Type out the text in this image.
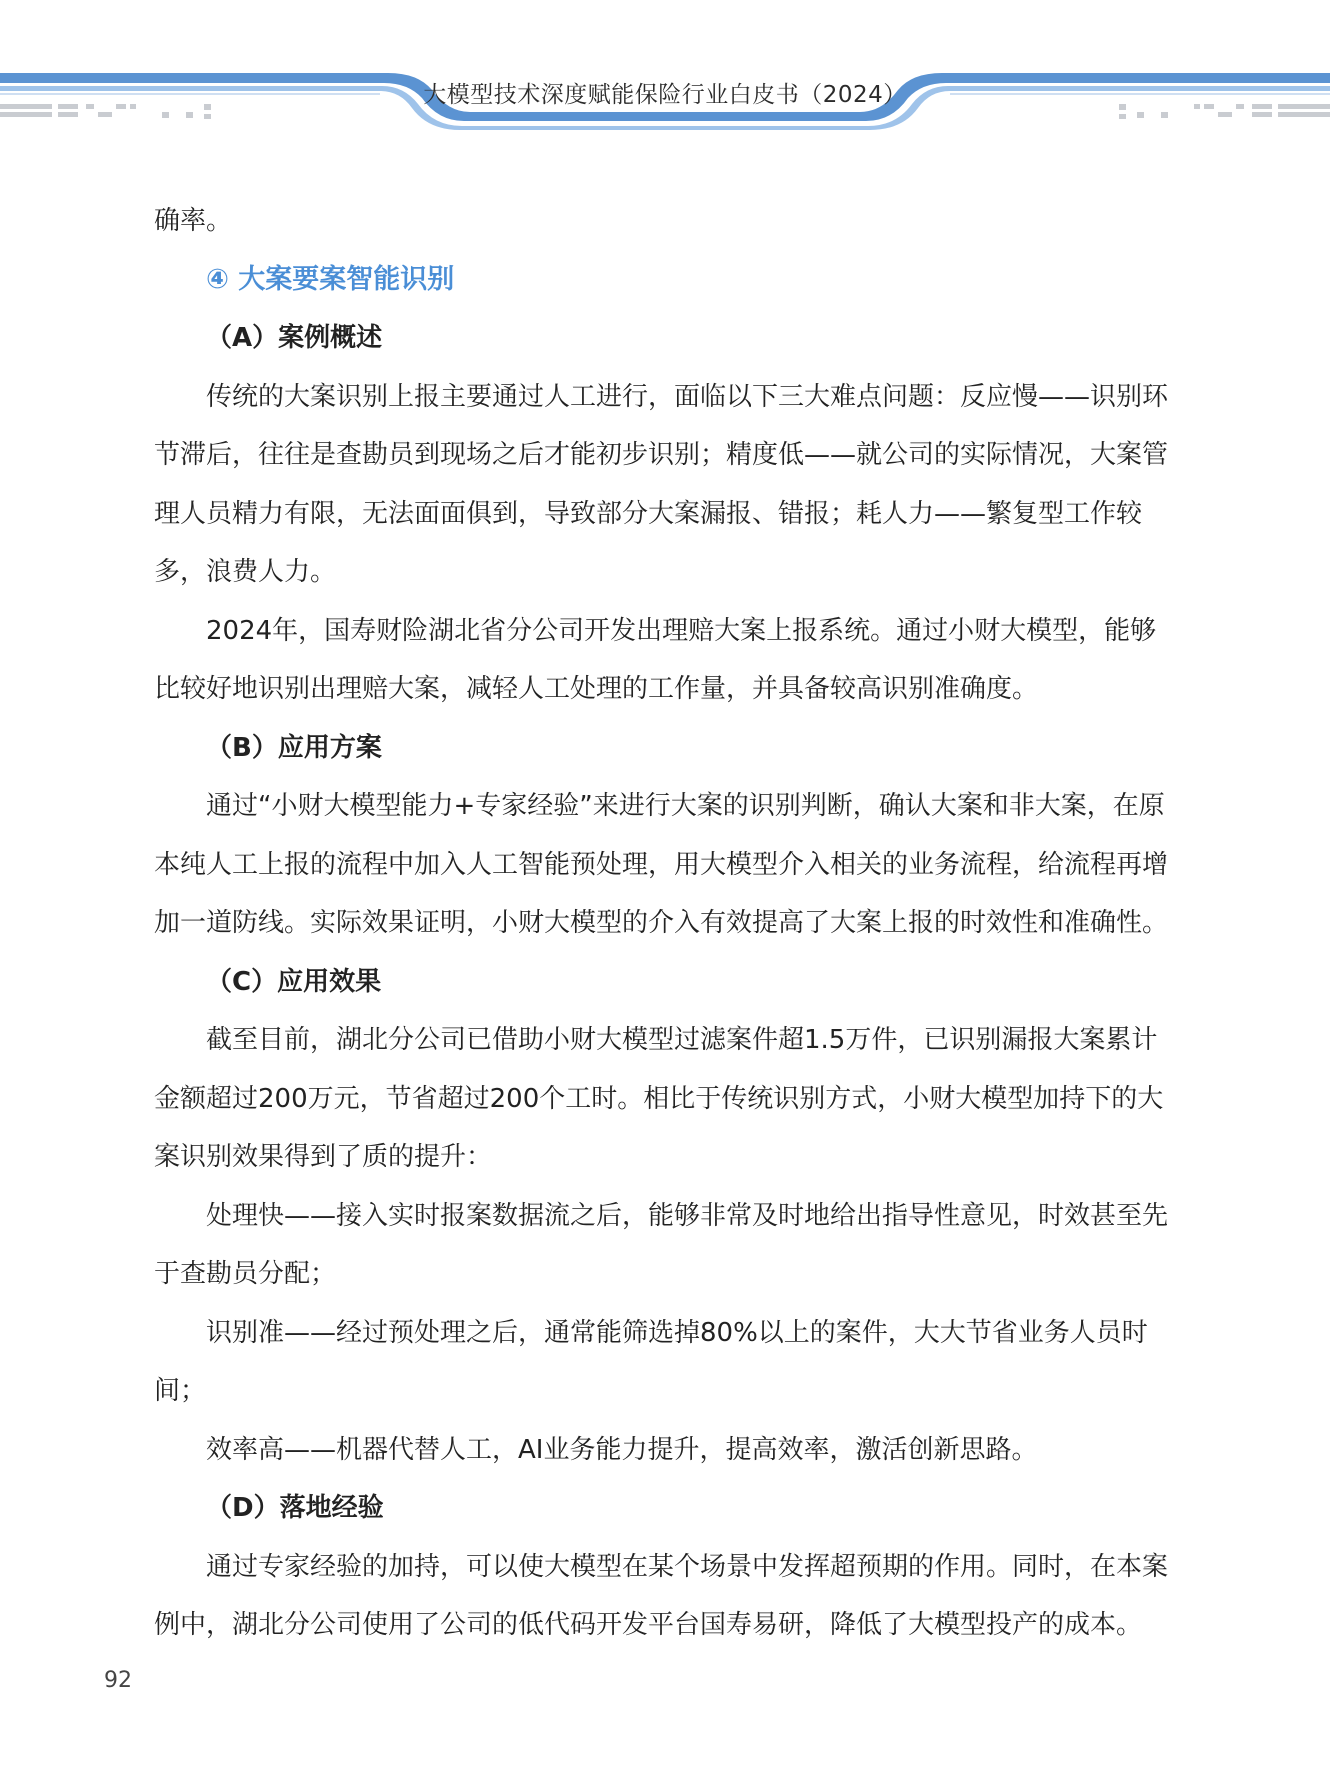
大模型技术深度赋能保险行业白皮书（2024）

确率。

④ 大案要案智能识别
（A）案例概述

传统的大案识别上报主要通过人工进行，面临以下三大难点问题：反应慢——识别环节滞后，往往是查勘员到现场之后才能初步识别；精度低——就公司的实际情况，大案管理人员精力有限，无法面面俱到，导致部分大案漏报、错报；耗人力——繁复型工作较多，浪费人力。

2024年，国寿财险湖北省分公司开发出理赔大案上报系统。通过小财大模型，能够比较好地识别出理赔大案，减轻人工处理的工作量，并具备较高识别准确度。

（B）应用方案

通过“小财大模型能力+专家经验”来进行大案的识别判断，确认大案和非大案，在原本纯人工上报的流程中加入人工智能预处理，用大模型介入相关的业务流程，给流程再增加一道防线。实际效果证明，小财大模型的介入有效提高了大案上报的时效性和准确性。

（C）应用效果

截至目前，湖北分公司已借助小财大模型过滤案件超1.5万件，已识别漏报大案累计金额超过200万元，节省超过200个工时。相比于传统识别方式，小财大模型加持下的大案识别效果得到了质的提升：

处理快——接入实时报案数据流之后，能够非常及时地给出指导性意见，时效甚至先于查勘员分配；

识别准——经过预处理之后，通常能筛选掉80%以上的案件，大大节省业务人员时间；

效率高——机器代替人工，AI业务能力提升，提高效率，激活创新思路。

（D）落地经验

通过专家经验的加持，可以使大模型在某个场景中发挥超预期的作用。同时，在本案例中，湖北分公司使用了公司的低代码开发平台国寿易研，降低了大模型投产的成本。

92
